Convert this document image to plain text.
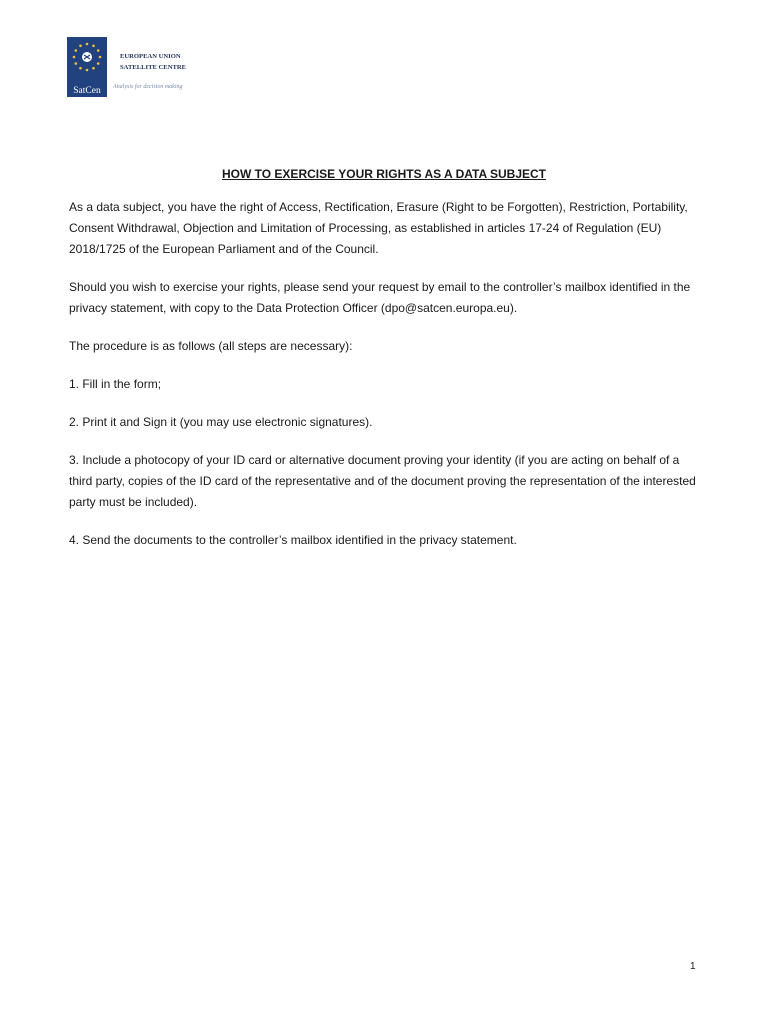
SatCen
EUROPEAN UNION
SATELLITE CENTRE
Analysis for decision making
HOW TO EXERCISE YOUR RIGHTS AS A DATA SUBJECT

As a data subject, you have the right of Access, Rectification, Erasure (Right to be Forgotten), Restriction, Portability, Consent Withdrawal, Objection and Limitation of Processing, as established in articles 17-24 of Regulation (EU) 2018/1725 of the European Parliament and of the Council.

Should you wish to exercise your rights, please send your request by email to the controller’s mailbox identified in the privacy statement, with copy to the Data Protection Officer (dpo@satcen.europa.eu).

The procedure is as follows (all steps are necessary):

1. Fill in the form;

2. Print it and Sign it (you may use electronic signatures).

3. Include a photocopy of your ID card or alternative document proving your identity (if you are acting on behalf of a third party, copies of the ID card of the representative and of the document proving the representation of the interested party must be included).

4. Send the documents to the controller’s mailbox identified in the privacy statement.

1
